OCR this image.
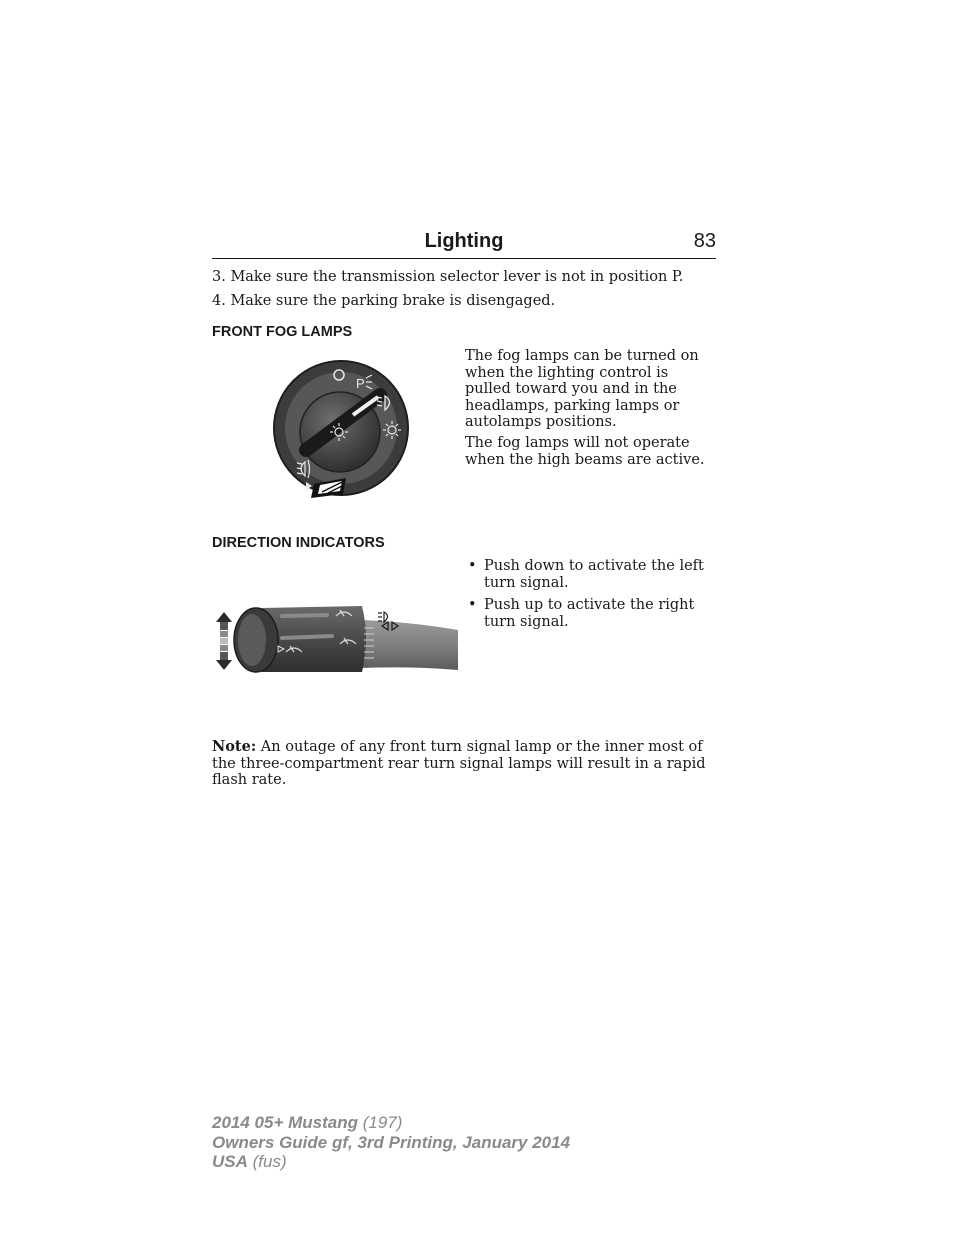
Lighting	83
3. Make sure the transmission selector lever is not in position P.
4. Make sure the parking brake is disengaged.
FRONT FOG LAMPS
P

The fog lamps can be turned on when the lighting control is pulled toward you and in the headlamps, parking lamps or autolamps positions.

The fog lamps will not operate when the high beams are active.

DIRECTION INDICATORS
• Push down to activate the left turn signal.
• Push up to activate the right turn signal.

Note: An outage of any front turn signal lamp or the inner most of the three-compartment rear turn signal lamps will result in a rapid flash rate.

2014 05+ Mustang (197)
Owners Guide gf, 3rd Printing, January 2014
USA (fus)
